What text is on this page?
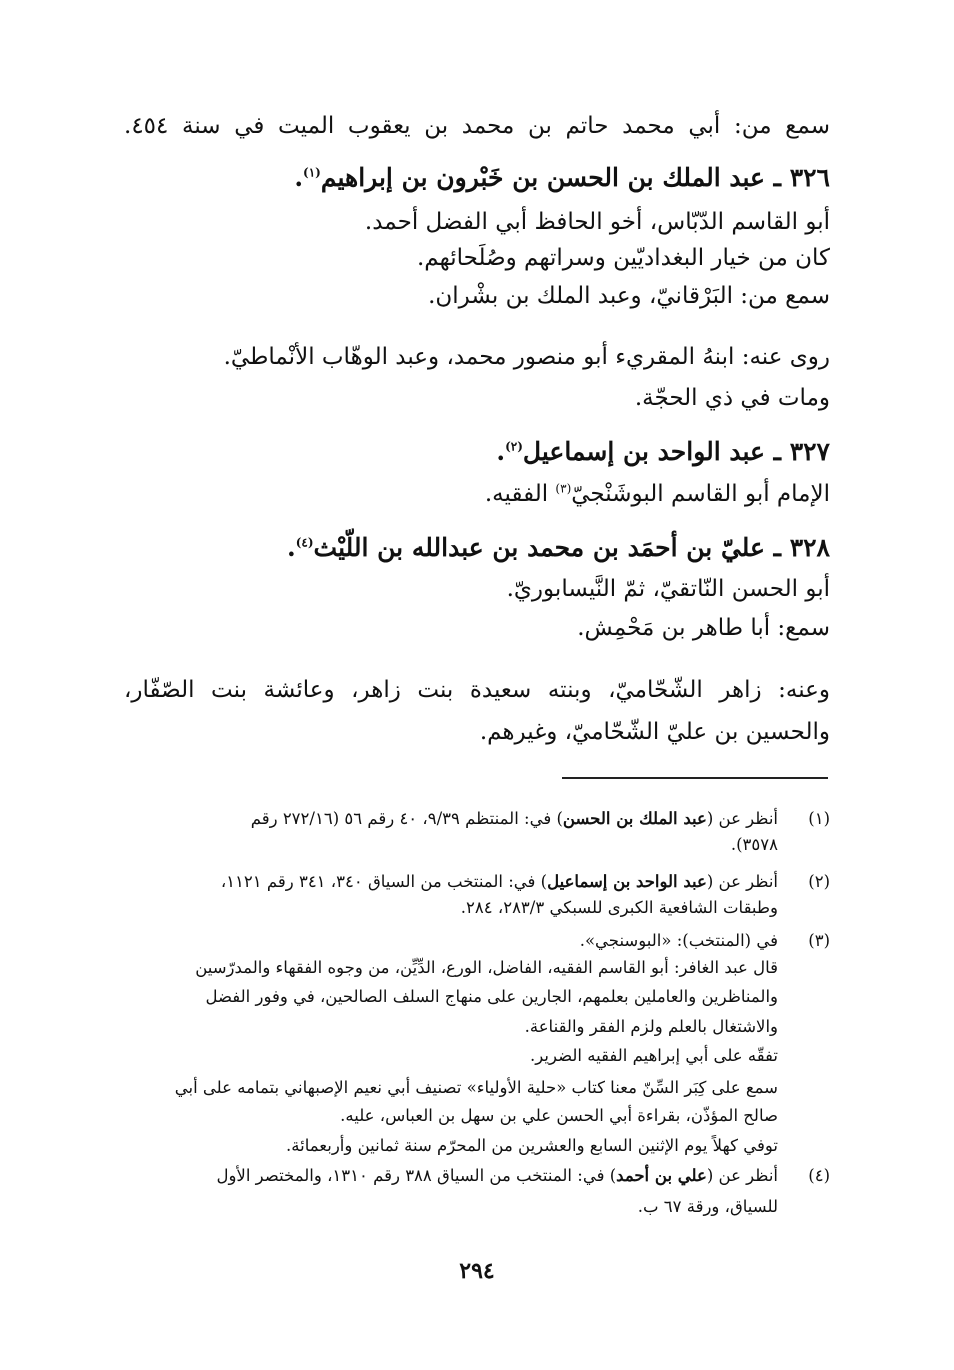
سمع من: أبي محمد حاتم بن محمد بن يعقوب الميت في سنة ٤٥٤.
٣٢٦ ـ عبد الملك بن الحسن بن خَبْرون بن إبراهيم$^{(١)}$.
أبو القاسم الدّبّاس، أخو الحافظ أبي الفضل أحمد.
كان من خيار البغداديّين وسراتهم وصُلَحائهم.
سمع من: البَرْقانيّ، وعبد الملك بن بشْران.
روى عنه: ابنهُ المقريء أبو منصور محمد، وعبد الوهّاب الأنْماطيّ.
ومات في ذي الحجّة.
٣٢٧ ـ عبد الواحد بن إسماعيل$^{(٢)}$.
الإمام أبو القاسم البوشَنْجيّ$^{(٣)}$ الفقيه.
٣٢٨ ـ عليّ بن أحمَد بن محمد بن عبدالله بن اللّيْث$^{(٤)}$.
أبو الحسن النّاتقيّ، ثمّ النَّيسابوريّ.
سمع: أبا طاهر بن مَحْمِش.
وعنه: زاهر الشّحّاميّ، وبنته سعيدة بنت زاهر، وعائشة بنت الصّفّار،
والحسين بن عليّ الشّحّاميّ، وغيرهم.
(١)
أنظر عن (عبد الملك بن الحسن) في: المنتظم ٩/٣٩، ٤٠ رقم ٥٦ (٢٧٢/١٦ رقم
٣٥٧٨).
(٢)
أنظر عن (عبد الواحد بن إسماعيل) في: المنتخب من السياق ٣٤٠، ٣٤١ رقم ١١٢١،
وطبقات الشافعية الكبرى للسبكي ٢٨٣/٣، ٢٨٤.
(٣)
في (المنتخب): «البوسنجي».
قال عبد الغافر: أبو القاسم الفقيه، الفاضل، الورع، الدِّيِّن، من وجوه الفقهاء والمدرّسين
والمناظرين والعاملين بعلمهم، الجارين على منهاج السلف الصالحين، في وفور الفضل
والاشتغال بالعلم ولزم الفقر والقناعة.
تفقّه على أبي إبراهيم الفقيه الضرير.
سمع على كِبَر السِّنّ معنا كتاب «حلية الأولياء» تصنيف أبي نعيم الإصبهاني بتمامه على أبي
صالح المؤذّن، بقراءة أبي الحسن علي بن سهل بن العباس، عليه.
توفي كهلاً يوم الإثنين السابع والعشرين من المحرّم سنة ثمانين وأربعمائة.
(٤)
أنظر عن (علي بن أحمد) في: المنتخب من السياق ٣٨٨ رقم ١٣١٠، والمختصر الأول
للسياق، ورقة ٦٧ ب.
٢٩٤
